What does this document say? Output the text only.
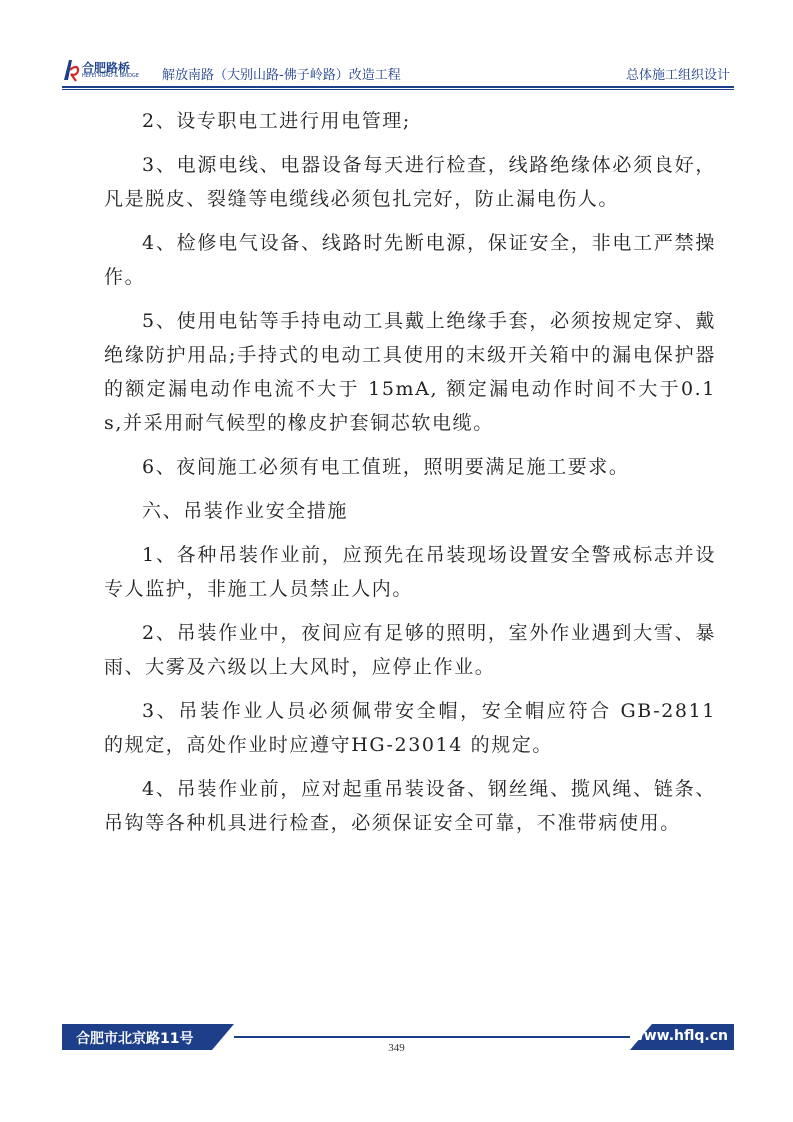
合肥路桥
HEFEI ROAD & BRIDGE 解放南路（大别山路-佛子岭路）改造工程	总体施工组织设计

2、设专职电工进行用电管理;

3、电源电线、电器设备每天进行检查，线路绝缘体必须良好，凡是脱皮、裂缝等电缆线必须包扎完好，防止漏电伤人。

4、检修电气设备、线路时先断电源，保证安全，非电工严禁操作。

5、使用电钻等手持电动工具戴上绝缘手套，必须按规定穿、戴绝缘防护用品;手持式的电动工具使用的末级开关箱中的漏电保护器的额定漏电动作电流不大于 15mA, 额定漏电动作时间不大于0.1s,并采用耐气候型的橡皮护套铜芯软电缆。

6、夜间施工必须有电工值班，照明要满足施工要求。

六、吊装作业安全措施

1、各种吊装作业前，应预先在吊装现场设置安全警戒标志并设专人监护，非施工人员禁止人内。

2、吊装作业中，夜间应有足够的照明，室外作业遇到大雪、暴雨、大雾及六级以上大风时，应停止作业。

3、吊装作业人员必须佩带安全帽，安全帽应符合 GB-2811 的规定，高处作业时应遵守HG-23014 的规定。

4、吊装作业前，应对起重吊装设备、钢丝绳、揽风绳、链条、吊钩等各种机具进行检查，必须保证安全可靠，不准带病使用。

合肥市北京路11号	www.hflq.cn
349
